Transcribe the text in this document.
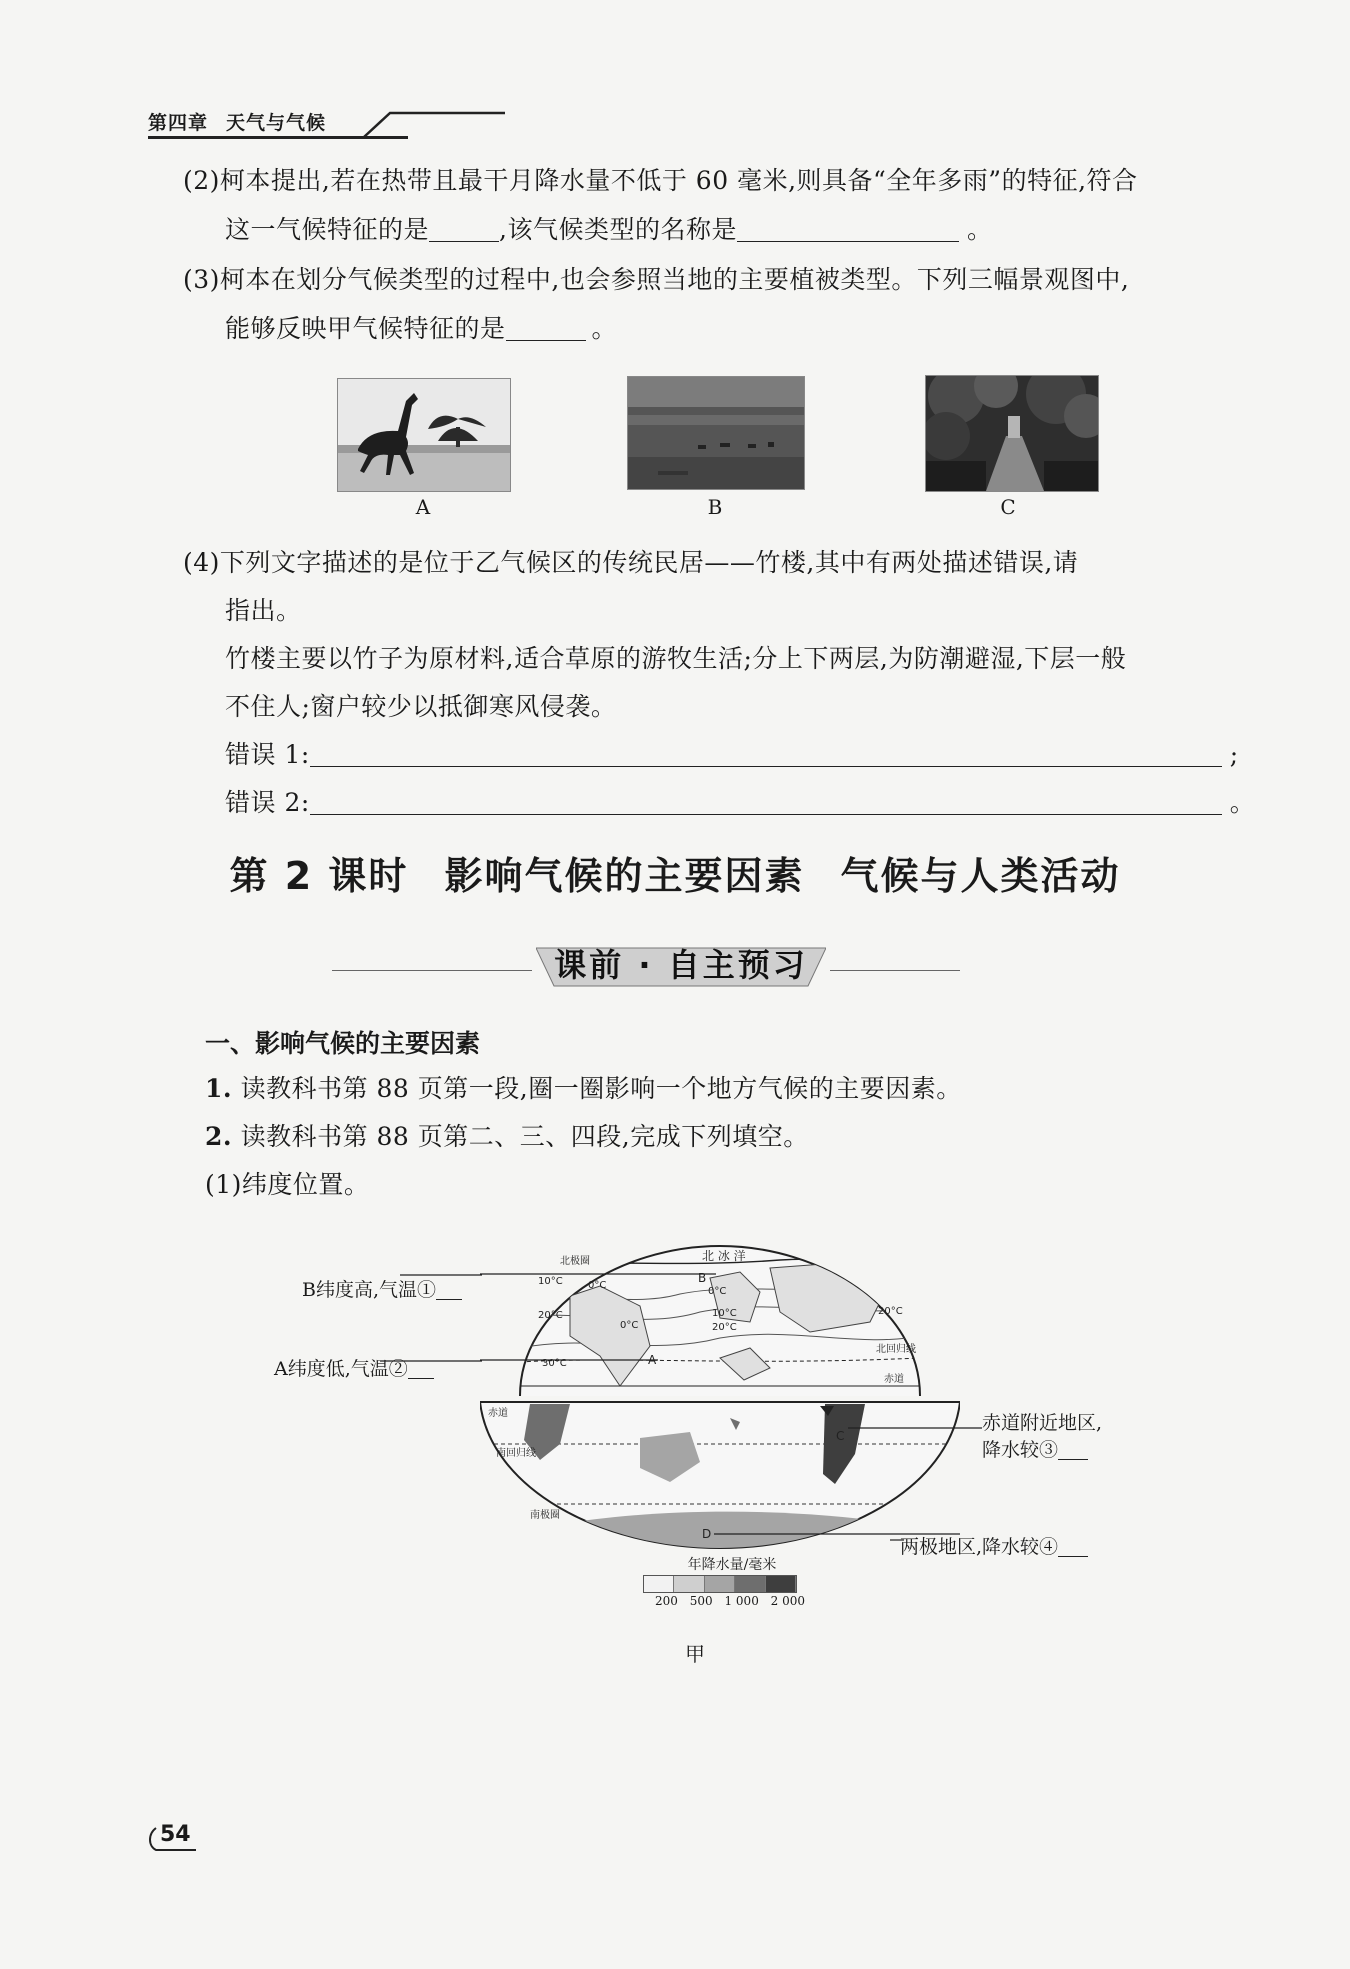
第四章 天气与气候
(2)柯本提出,若在热带且最干月降水量不低于 60 毫米,则具备“全年多雨”的特征,符合
这一气候特征的是	,该气候类型的名称是	。
(3)柯本在划分气候类型的过程中,也会参照当地的主要植被类型。下列三幅景观图中,
能够反映甲气候特征的是	。
A	B	C
(4)下列文字描述的是位于乙气候区的传统民居——竹楼,其中有两处描述错误,请
指出。
竹楼主要以竹子为原材料,适合草原的游牧生活;分上下两层,为防潮避湿,下层一般
不住人;窗户较少以抵御寒风侵袭。
错误 1:	;
错误 2:	。
第 2 课时 影响气候的主要因素 气候与人类活动
课前 · 自主预习
一、影响气候的主要因素
1. 读教科书第 88 页第一段,圈一圈影响一个地方气候的主要因素。
2. 读教科书第 88 页第二、三、四段,完成下列填空。
(1)纬度位置。
B纬度高,气温①
A纬度低,气温②
赤道附近地区,
降水较③
两极地区,降水较④
北极圈	北 冰 洋
B
10°C	0°C
0°C
20°C	10°C
20°C
20°C
0°C
30°C	A
北回归线
赤道
赤道
南回归线
南极圈
C
D
年降水量/毫米
200 500 1 000 2 000
甲
54
